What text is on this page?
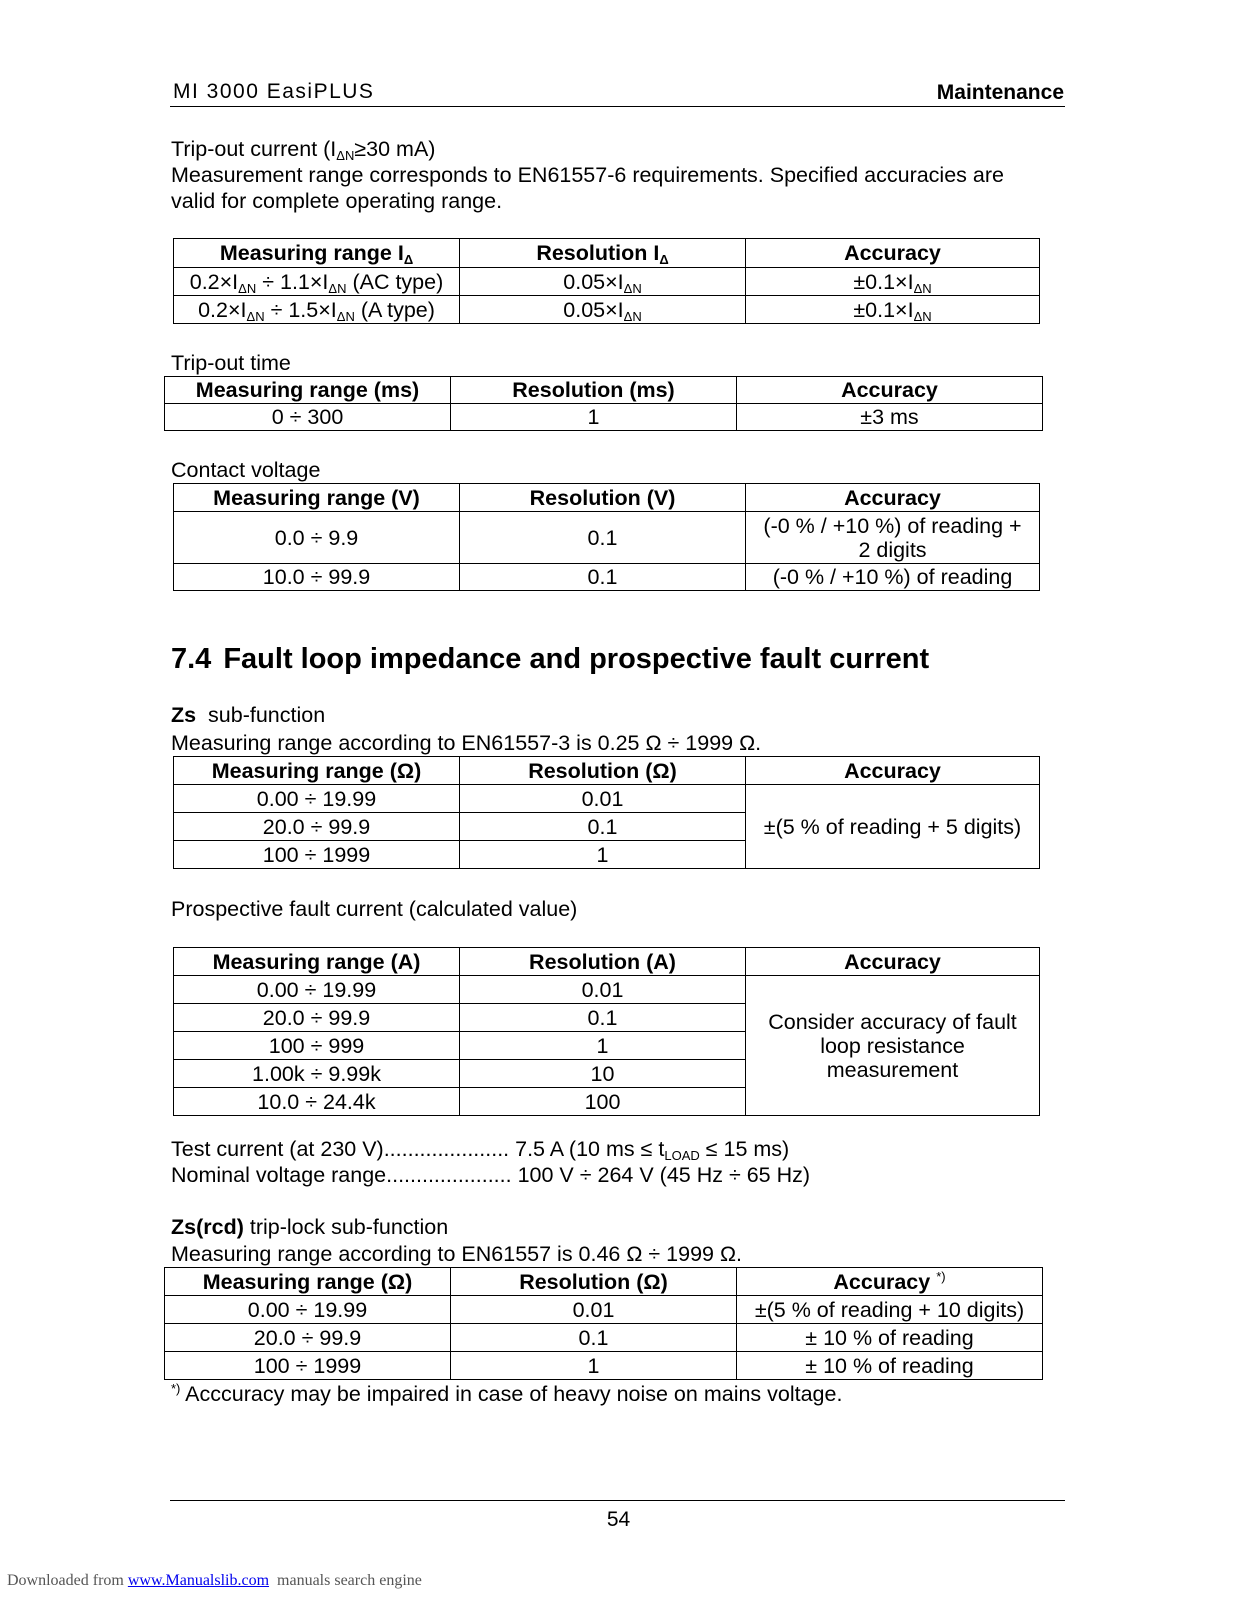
MI 3000 EasiPLUS	Maintenance
Trip-out current ($I_{\Delta N}\ge 30$ mA)
Measurement range corresponds to EN61557-6 requirements. Specified accuracies are
valid for complete operating range.
Measuring range $I_\Delta$	Resolution $I_\Delta$	Accuracy
$0.2\times I_{\Delta N} \div 1.1\times I_{\Delta N}$ (AC type)	$0.05\times I_{\Delta N}$	$\pm 0.1\times I_{\Delta N}$
$0.2\times I_{\Delta N} \div 1.5\times I_{\Delta N}$ (A type)	$0.05\times I_{\Delta N}$	$\pm 0.1\times I_{\Delta N}$
Trip-out time
Measuring range (ms)	Resolution (ms)	Accuracy
0 ÷ 300	1	±3 ms
Contact voltage
Measuring range (V)	Resolution (V)	Accuracy
0.0 ÷ 9.9	0.1	(-0 % / +10 %) of reading +
2 digits

10.0 ÷ 99.9	0.1	(-0 % / +10 %) of reading
7.4 Fault loop impedance and prospective fault current
Zs  sub-function
Measuring range according to EN61557-3 is 0.25 Ω ÷ 1999 Ω.
Measuring range (Ω)	Resolution (Ω)	Accuracy
0.00 ÷ 19.99	0.01	±(5 % of reading + 5 digits)
20.0 ÷ 99.9	0.1	
100 ÷ 1999	1	
Prospective fault current (calculated value)
Measuring range (A)	Resolution (A)	Accuracy
0.00 ÷ 19.99	0.01	Consider accuracy of fault
loop resistance
measurement

20.0 ÷ 99.9	0.1	
100 ÷ 999	1	
1.00k ÷ 9.99k	10	
10.0 ÷ 24.4k	100	
Test current (at 230 V)..................... 7.5 A (10 ms ≤ $t_{LOAD} \le 15$ ms)
Nominal voltage range..................... 100 V ÷ 264 V (45 Hz ÷ 65 Hz)
Zs(rcd) trip-lock sub-function
Measuring range according to EN61557 is 0.46 Ω ÷ 1999 Ω.
Measuring range (Ω)	Resolution (Ω)	Accuracy *)
0.00 ÷ 19.99	0.01	±(5 % of reading + 10 digits)
20.0 ÷ 99.9	0.1	± 10 % of reading
100 ÷ 1999	1	± 10 % of reading
*) Acccuracy may be impaired in case of heavy noise on mains voltage.
54
Downloaded from www.Manualslib.com  manuals search engine
